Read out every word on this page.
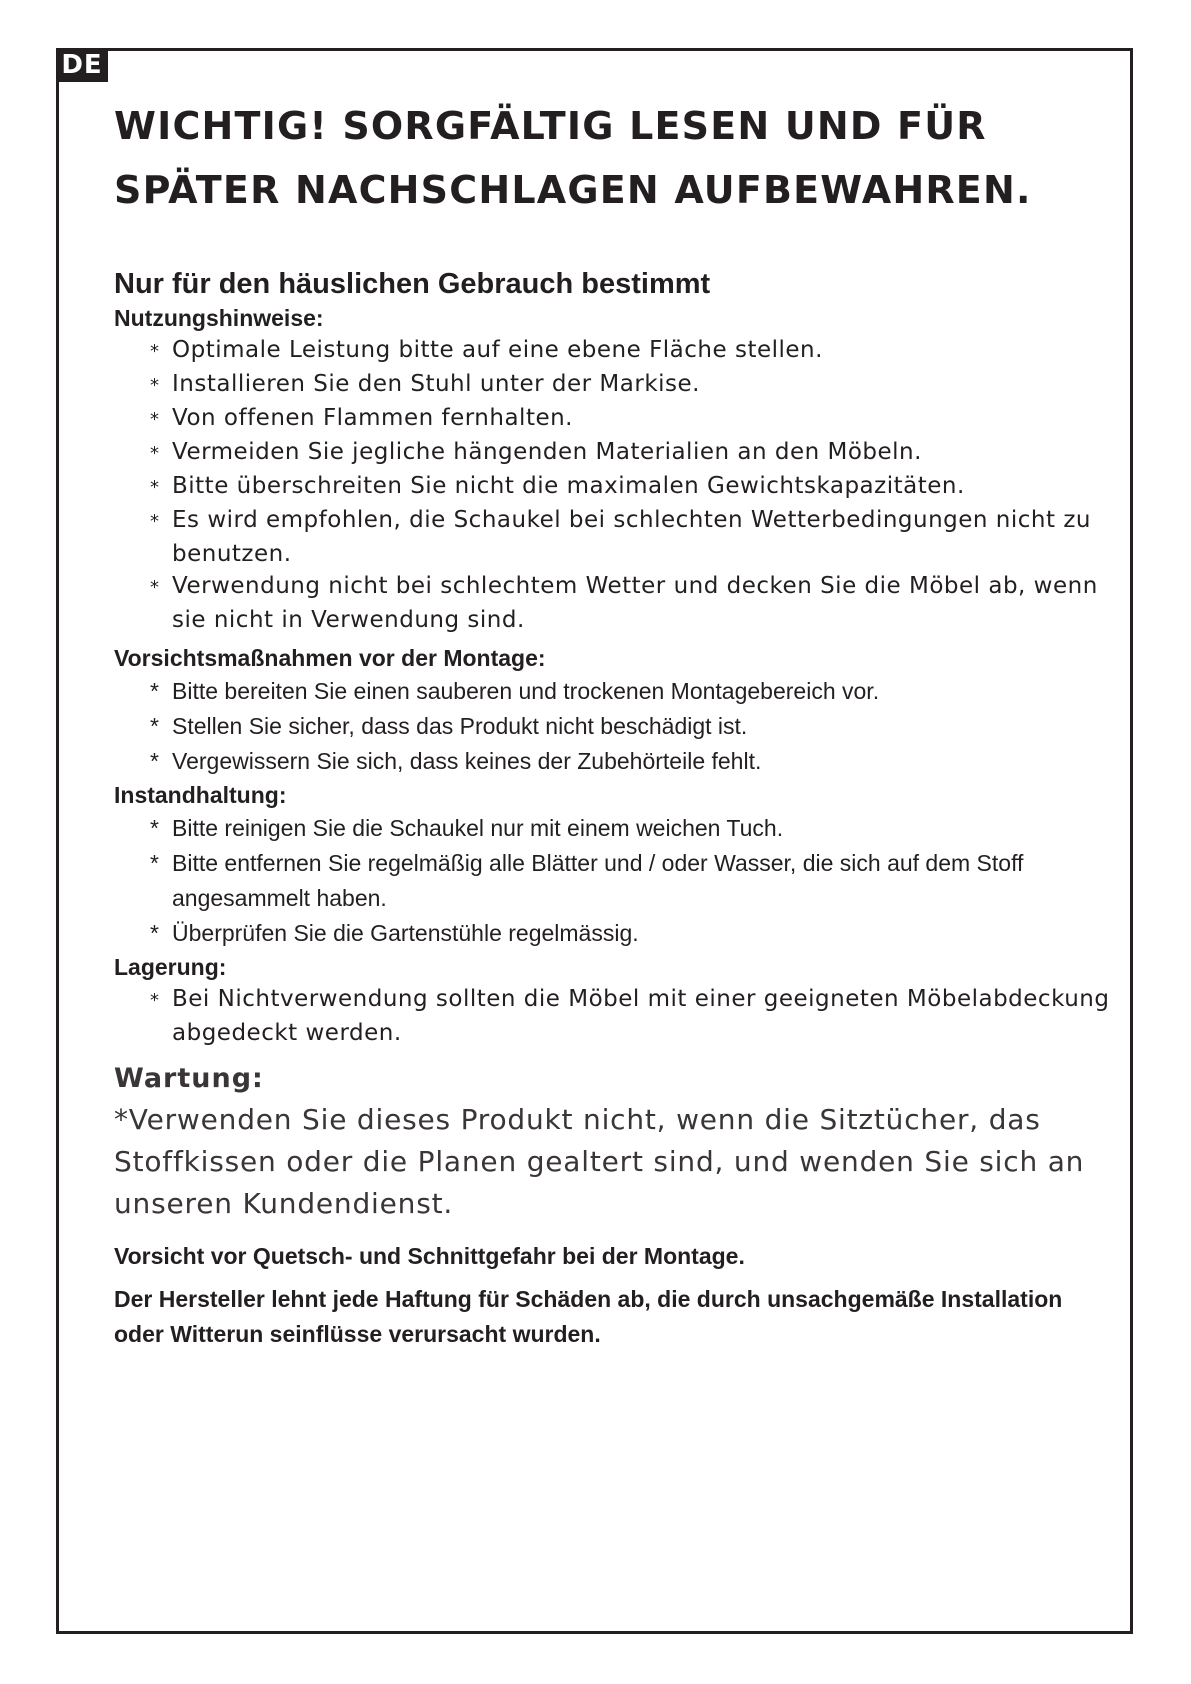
DE
WICHTIG! SORGFÄLTIG LESEN UND FÜR
SPÄTER NACHSCHLAGEN AUFBEWAHREN.
Nur für den häuslichen Gebrauch bestimmt
Nutzungshinweise:
* Optimale Leistung bitte auf eine ebene Fläche stellen.
* Installieren Sie den Stuhl unter der Markise.
* Von offenen Flammen fernhalten.
* Vermeiden Sie jegliche hängenden Materialien an den Möbeln.
* Bitte überschreiten Sie nicht die maximalen Gewichtskapazitäten.
* Es wird empfohlen, die Schaukel bei schlechten Wetterbedingungen nicht zu benutzen.
* Verwendung nicht bei schlechtem Wetter und decken Sie die Möbel ab, wenn sie nicht in Verwendung sind.
Vorsichtsmaßnahmen vor der Montage:
* Bitte bereiten Sie einen sauberen und trockenen Montagebereich vor.
* Stellen Sie sicher, dass das Produkt nicht beschädigt ist.
* Vergewissern Sie sich, dass keines der Zubehörteile fehlt.
Instandhaltung:
* Bitte reinigen Sie die Schaukel nur mit einem weichen Tuch.
* Bitte entfernen Sie regelmäßig alle Blätter und / oder Wasser, die sich auf dem Stoff angesammelt haben.
* Überprüfen Sie die Gartenstühle regelmässig.
Lagerung:
* Bei Nichtverwendung sollten die Möbel mit einer geeigneten Möbelabdeckung abgedeckt werden.
Wartung:

*Verwenden Sie dieses Produkt nicht, wenn die Sitztücher, das Stoffkissen oder die Planen gealtert sind, und wenden Sie sich an unseren Kundendienst.

Vorsicht vor Quetsch- und Schnittgefahr bei der Montage.

Der Hersteller lehnt jede Haftung für Schäden ab, die durch unsachgemäße Installation oder Witterun seinflüsse verursacht wurden.
